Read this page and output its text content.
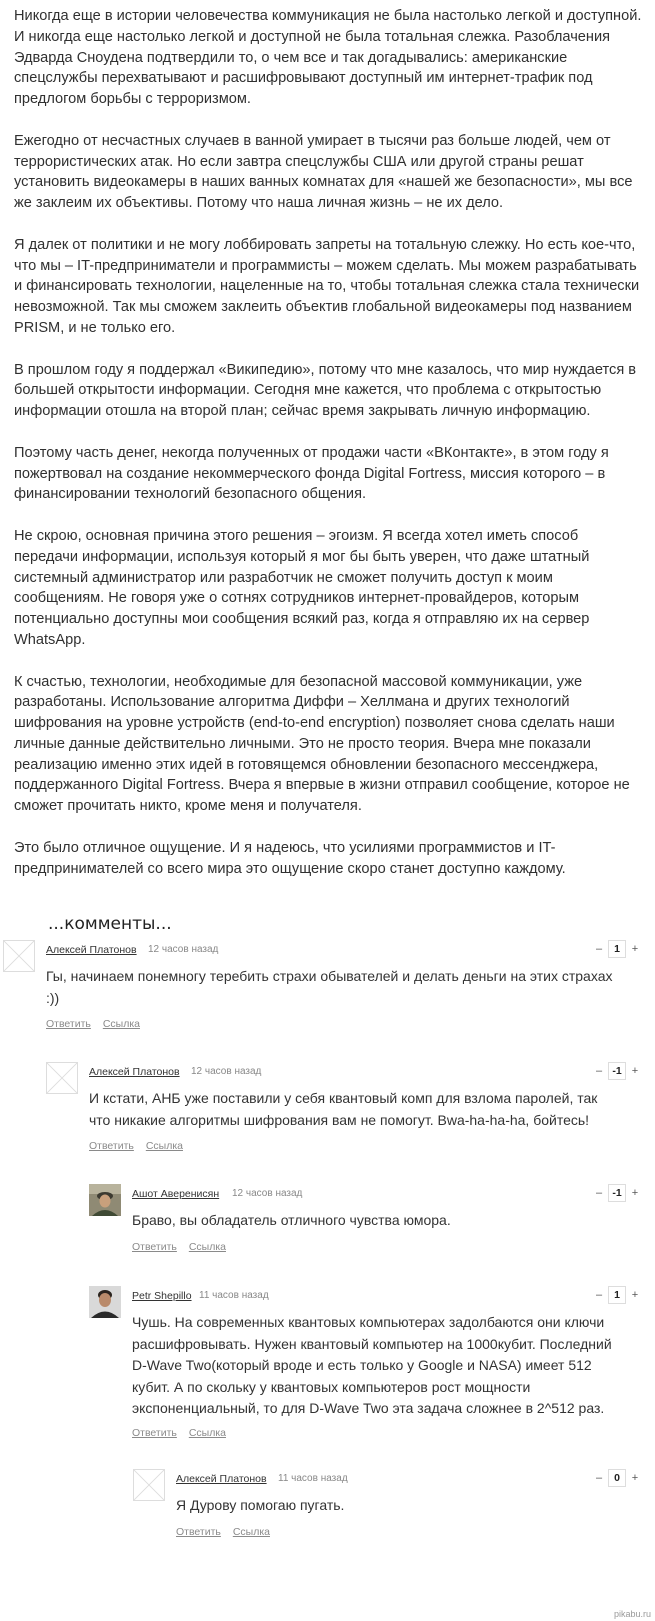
Никогда еще в истории человечества коммуникация не была настолько легкой и доступной. И никогда еще настолько легкой и доступной не была тотальная слежка. Разоблачения Эдварда Сноудена подтвердили то, о чем все и так догадывались: американские спецслужбы перехватывают и расшифровывают доступный им интернет-трафик под предлогом борьбы с терроризмом.

Ежегодно от несчастных случаев в ванной умирает в тысячи раз больше людей, чем от террористических атак. Но если завтра спецслужбы США или другой страны решат установить видеокамеры в наших ванных комнатах для «нашей же безопасности», мы все же заклеим их объективы. Потому что наша личная жизнь – не их дело.

Я далек от политики и не могу лоббировать запреты на тотальную слежку. Но есть кое-что, что мы – IT-предприниматели и программисты – можем сделать. Мы можем разрабатывать и финансировать технологии, нацеленные на то, чтобы тотальная слежка стала технически невозможной. Так мы сможем заклеить объектив глобальной видеокамеры под названием PRISM, и не только его.

В прошлом году я поддержал «Википедию», потому что мне казалось, что мир нуждается в большей открытости информации. Сегодня мне кажется, что проблема с открытостью информации отошла на второй план; сейчас время закрывать личную информацию.

Поэтому часть денег, некогда полученных от продажи части «ВКонтакте», в этом году я пожертвовал на создание некоммерческого фонда Digital Fortress, миссия которого – в финансировании технологий безопасного общения.

Не скрою, основная причина этого решения – эгоизм. Я всегда хотел иметь способ передачи информации, используя который я мог бы быть уверен, что даже штатный системный администратор или разработчик не сможет получить доступ к моим сообщениям. Не говоря уже о сотнях сотрудников интернет-провайдеров, которым потенциально доступны мои сообщения всякий раз, когда я отправляю их на сервер WhatsApp.

К счастью, технологии, необходимые для безопасной массовой коммуникации, уже разработаны. Использование алгоритма Диффи – Хеллмана и других технологий шифрования на уровне устройств (end-to-end encryption) позволяет снова сделать наши личные данные действительно личными. Это не просто теория. Вчера мне показали реализацию именно этих идей в готовящемся обновлении безопасного мессенджера, поддержанного Digital Fortress. Вчера я впервые в жизни отправил сообщение, которое не сможет прочитать никто, кроме меня и получателя.

Это было отличное ощущение. И я надеюсь, что усилиями программистов и IT-предпринимателей со всего мира это ощущение скоро станет доступно каждому.

...комменты...
Алексей Платонов 12 часов назад	–	1	+
Гы, начинаем понемногу теребить страхи обывателей и делать деньги на этих страхах :))
Ответить Ссылка
Алексей Платонов 12 часов назад	– -1 +
И кстати, АНБ уже поставили у себя квантовый комп для взлома паролей, так что никакие алгоритмы шифрования вам не помогут. Bwa-ha-ha-ha, бойтесь!
Ответить Ссылка
Ашот Аверенисян 12 часов назад	– -1 +
Браво, вы обладатель отличного чувства юмора.
Ответить Ссылка
Petr Shepillo 11 часов назад	–	1	+
Чушь. На современных квантовых компьютерах задолбаются они ключи расшифровывать. Нужен квантовый компьютер на 1000кубит. Последний D-Wave Two(который вроде и есть только у Google и NASA) имеет 512 кубит. А по скольку у квантовых компьютеров рост мощности экспоненциальный, то для D-Wave Two эта задача сложнее в 2^512 раз.
Ответить Ссылка
Алексей Платонов 11 часов назад	–	0	+
Я Дурову помогаю пугать.
Ответить Ссылка
pikabu.ru
